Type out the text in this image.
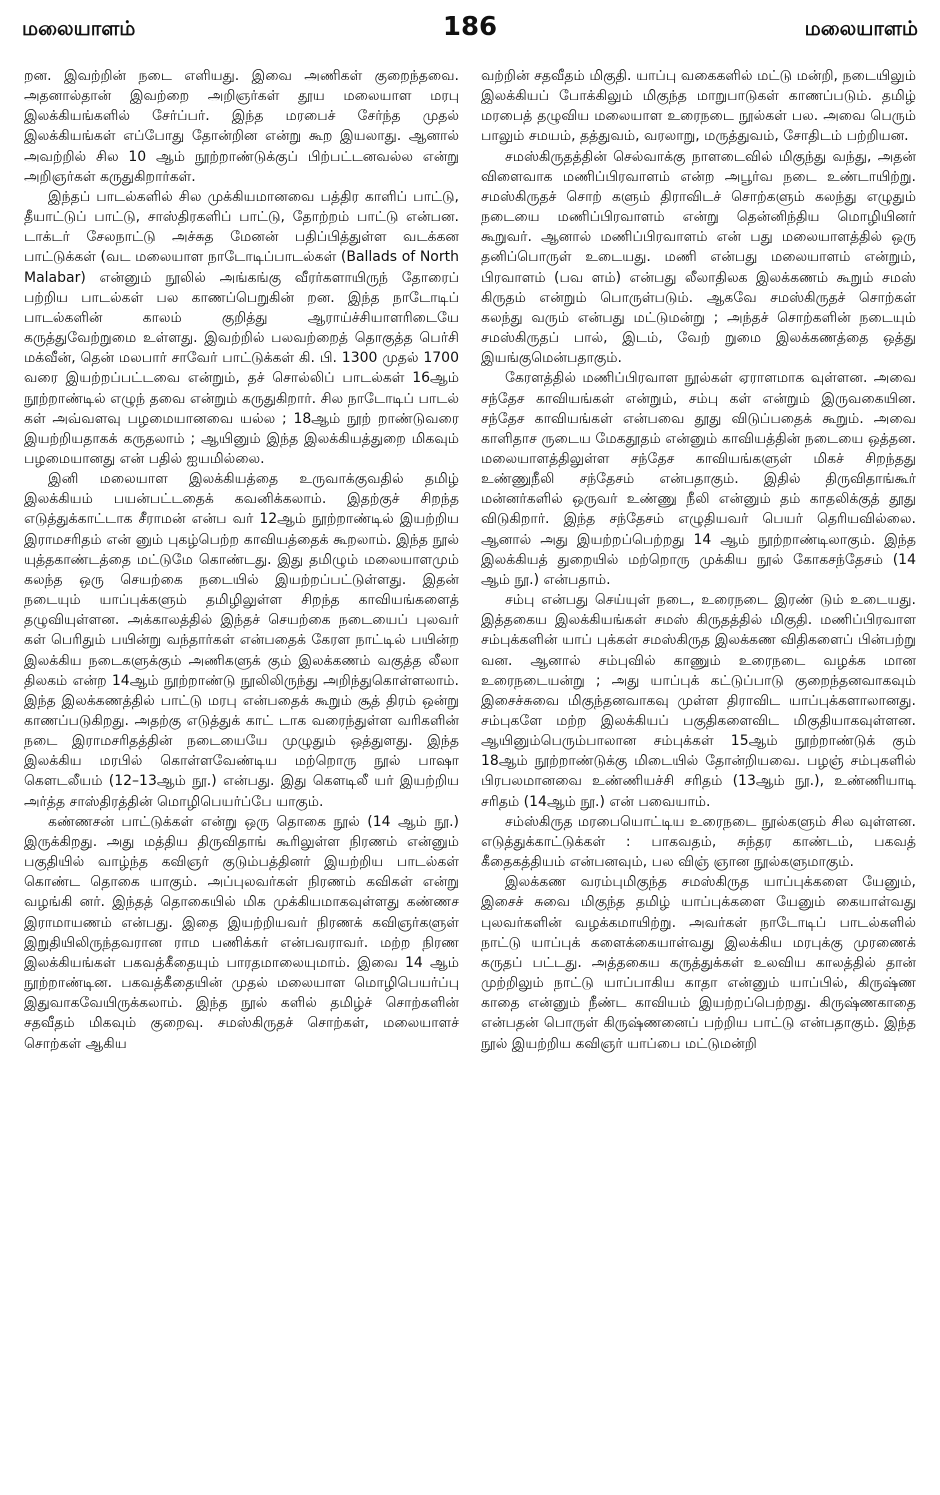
மலையாளம்	186	மலையாளம்

றன. இவற்றின் நடை எளியது. இவை அணிகள் குறைந்தவை. அதனால்தான் இவற்றை அறிஞர்கள் தூய மலையாள மரபு இலக்கியங்களில் சேர்ப்பர். இந்த மரபைச் சேர்ந்த முதல் இலக்கியங்கள் எப்போது தோன்றின என்று கூற இயலாது. ஆனால் அவற்றில் சில 10 ஆம் நூற்றாண்டுக்குப் பிற்பட்டனவல்ல என்று அறிஞர்கள் கருதுகிறார்கள்.

இந்தப் பாடல்களில் சில முக்கியமானவை பத்திர காளிப் பாட்டு, தீயாட்டுப் பாட்டு, சாஸ்திரகளிப் பாட்டு, தோற்றம் பாட்டு என்பன. டாக்டர் சேலநாட்டு அச்சுத மேனன் பதிப்பித்துள்ள வடக்கன பாட்டுக்கள் (வட மலையாள நாடோடிப்பாடல்கள் (Ballads of North Malabar) என்னும் நூலில் அங்கங்கு வீரர்களாயிருந் தோரைப் பற்றிய பாடல்கள் பல காணப்பெறுகின் றன. இந்த நாடோடிப் பாடல்களின் காலம் குறித்து ஆராய்ச்சியாளரிடையே கருத்துவேற்றுமை உள்ளது. இவற்றில் பலவற்றைத் தொகுத்த பெர்சி மக்வீன், தென் மலபார் சாவேர் பாட்டுக்கள் கி. பி. 1300 முதல் 1700 வரை இயற்றப்பட்டவை என்றும், தச் சொல்லிப் பாடல்கள் 16ஆம் நூற்றாண்டில் எழுந் தவை என்றும் கருதுகிறார். சில நாடோடிப் பாடல் கள் அவ்வளவு பழமையானவை யல்ல ; 18ஆம் நூற் றாண்டுவரை இயற்றியதாகக் கருதலாம் ; ஆயினும் இந்த இலக்கியத்துறை மிகவும் பழமையானது என் பதில் ஐயமில்லை.

இனி மலையாள இலக்கியத்தை உருவாக்குவதில் தமிழ் இலக்கியம் பயன்பட்டதைக் கவனிக்கலாம். இதற்குச் சிறந்த எடுத்துக்காட்டாக சீராமன் என்ப வர் 12ஆம் நூற்றாண்டில் இயற்றிய இராமசரிதம் என் னும் புகழ்பெற்ற காவியத்தைக் கூறலாம். இந்த நூல் யுத்தகாண்டத்தை மட்டுமே கொண்டது. இது தமிழும் மலையாளமும் கலந்த ஒரு செயற்கை நடையில் இயற்றப்பட்டுள்ளது. இதன் நடையும் யாப்புக்களும் தமிழிலுள்ள சிறந்த காவியங்களைத் தழுவியுள்ளன. அக்காலத்தில் இந்தச் செயற்கை நடையைப் புலவர் கள் பெரிதும் பயின்று வந்தார்கள் என்பதைக் கேரள நாட்டில் பயின்ற இலக்கிய நடைகளுக்கும் அணிகளுக் கும் இலக்கணம் வகுத்த லீலா திலகம் என்ற 14ஆம் நூற்றாண்டு நூலிலிருந்து அறிந்துகொள்ளலாம். இந்த இலக்கணத்தில் பாட்டு மரபு என்பதைக் கூறும் சூத் திரம் ஒன்று காணப்படுகிறது. அதற்கு எடுத்துக் காட் டாக வரைந்துள்ள வரிகளின் நடை இராமசரிதத்தின் நடையையே முழுதும் ஒத்துளது. இந்த இலக்கிய மரபில் கொள்ளவேண்டிய மற்றொரு நூல் பாஷா கௌடலீயம் (12–13ஆம் நூ.) என்பது. இது கௌடிலீ யர் இயற்றிய அர்த்த சாஸ்திரத்தின் மொழிபெயர்ப்பே யாகும்.

கண்ணசன் பாட்டுக்கள் என்று ஒரு தொகை நூல் (14 ஆம் நூ.) இருக்கிறது. அது மத்திய திருவிதாங் கூரிலுள்ள நிரணம் என்னும் பகுதியில் வாழ்ந்த கவிஞர் குடும்பத்தினர் இயற்றிய பாடல்கள் கொண்ட தொகை யாகும். அப்புலவர்கள் நிரணம் கவிகள் என்று வழங்கி னர். இந்தத் தொகையில் மிக முக்கியமாகவுள்ளது கண்ணச இராமாயணம் என்பது. இதை இயற்றியவர் நிரணக் கவிஞர்களுள் இறுதியிலிருந்தவரான ராம பணிக்கர் என்பவராவர். மற்ற நிரண இலக்கியங்கள் பகவத்கீதையும் பாரதமாலையுமாம். இவை 14 ஆம் நூற்றாண்டின. பகவத்கீதையின் முதல் மலையாள மொழிபெயர்ப்பு இதுவாகவேயிருக்கலாம். இந்த நூல் களில் தமிழ்ச் சொற்களின் சதவீதம் மிகவும் குறைவு. சமஸ்கிருதச் சொற்கள், மலையாளச் சொற்கள் ஆகிய

வற்றின் சதவீதம் மிகுதி. யாப்பு வகைகளில் மட்டு மன்றி, நடையிலும் இலக்கியப் போக்கிலும் மிகுந்த மாறுபாடுகள் காணப்படும். தமிழ் மரபைத் தழுவிய மலையாள உரைநடை நூல்கள் பல. அவை பெரும் பாலும் சமயம், தத்துவம், வரலாறு, மருத்துவம், சோதிடம் பற்றியன.

சமஸ்கிருதத்தின் செல்வாக்கு நாளடைவில் மிகுந்து வந்து, அதன் விளைவாக மணிப்பிரவாளம் என்ற அபூர்வ நடை உண்டாயிற்று. சமஸ்கிருதச் சொற் களும் திராவிடச் சொற்களும் கலந்து எழுதும் நடையை மணிப்பிரவாளம் என்று தென்னிந்திய மொழியினர் கூறுவர். ஆனால் மணிப்பிரவாளம் என் பது மலையாளத்தில் ஒரு தனிப்பொருள் உடையது. மணி என்பது மலையாளம் என்றும், பிரவாளம் (பவ ளம்) என்பது லீலாதிலக இலக்கணம் கூறும் சமஸ் கிருதம் என்றும் பொருள்படும். ஆகவே சமஸ்கிருதச் சொற்கள் கலந்து வரும் என்பது மட்டுமன்று ; அந்தச் சொற்களின் நடையும் சமஸ்கிருதப் பால், இடம், வேற் றுமை இலக்கணத்தை ஒத்து இயங்குமென்பதாகும்.

கேரளத்தில் மணிப்பிரவாள நூல்கள் ஏராளமாக வுள்ளன. அவை சந்தேச காவியங்கள் என்றும், சம்பு கள் என்றும் இருவகையின. சந்தேச காவியங்கள் என்பவை தூது விடுப்பதைக் கூறும். அவை காளிதாச ருடைய மேகதூதம் என்னும் காவியத்தின் நடையை ஒத்தன. மலையாளத்திலுள்ள சந்தேச காவியங்களுள் மிகச் சிறந்தது உண்ணுநீலி சந்தேசம் என்பதாகும். இதில் திருவிதாங்கூர் மன்னர்களில் ஒருவர் உண்ணு நீலி என்னும் தம் காதலிக்குத் தூது விடுகிறார். இந்த சந்தேசம் எழுதியவர் பெயர் தெரியவில்லை. ஆனால் அது இயற்றப்பெற்றது 14 ஆம் நூற்றாண்டிலாகும். இந்த இலக்கியத் துறையில் மற்றொரு முக்கிய நூல் கோகசந்தேசம் (14 ஆம் நூ.) என்பதாம்.

சம்பு என்பது செய்யுள் நடை, உரைநடை இரண் டும் உடையது. இத்தகைய இலக்கியங்கள் சமஸ் கிருதத்தில் மிகுதி. மணிப்பிரவாள சம்புக்களின் யாப் புக்கள் சமஸ்கிருத இலக்கண விதிகளைப் பின்பற்று வன. ஆனால் சம்புவில் காணும் உரைநடை வழக்க மான உரைநடையன்று ; அது யாப்புக் கட்டுப்பாடு குறைந்தனவாகவும் இசைச்சுவை மிகுந்தனவாகவு முள்ள திராவிட யாப்புக்களாலானது. சம்புகளே மற்ற இலக்கியப் பகுதிகளைவிட மிகுதியாகவுள்ளன. ஆயினும்பெரும்பாலான சம்புக்கள் 15ஆம் நூற்றாண்டுக் கும் 18ஆம் நூற்றாண்டுக்கு மிடையில் தோன்றியவை. பழஞ் சம்புகளில் பிரபலமானவை உண்ணியச்சி சரிதம் (13ஆம் நூ.), உண்ணியாடி சரிதம் (14ஆம் நூ.) என் பவையாம்.

சம்ஸ்கிருத மரபையொட்டிய உரைநடை நூல்களும் சில வுள்ளன. எடுத்துக்காட்டுக்கள் : பாகவதம், சுந்தர காண்டம், பகவத் கீதைகத்தியம் என்பனவும், பல விஞ் ஞான நூல்களுமாகும்.

இலக்கண வரம்புமிகுந்த சமஸ்கிருத யாப்புக்களை யேனும், இசைச் சுவை மிகுந்த தமிழ் யாப்புக்களை யேனும் கையாள்வது புலவர்களின் வழக்கமாயிற்று. அவர்கள் நாடோடிப் பாடல்களில் நாட்டு யாப்புக் களைக்கையாள்வது இலக்கிய மரபுக்கு முரணைக் கருதப் பட்டது. அத்தகைய கருத்துக்கள் உலவிய காலத்தில் தான் முற்றிலும் நாட்டு யாப்பாகிய காதா என்னும் யாப்பில், கிருஷ்ண காதை என்னும் நீண்ட காவியம் இயற்றப்பெற்றது. கிருஷ்ணகாதை என்பதன் பொருள் கிருஷ்ணனைப் பற்றிய பாட்டு என்பதாகும். இந்த நூல் இயற்றிய கவிஞர் யாப்பை மட்டுமன்றி
